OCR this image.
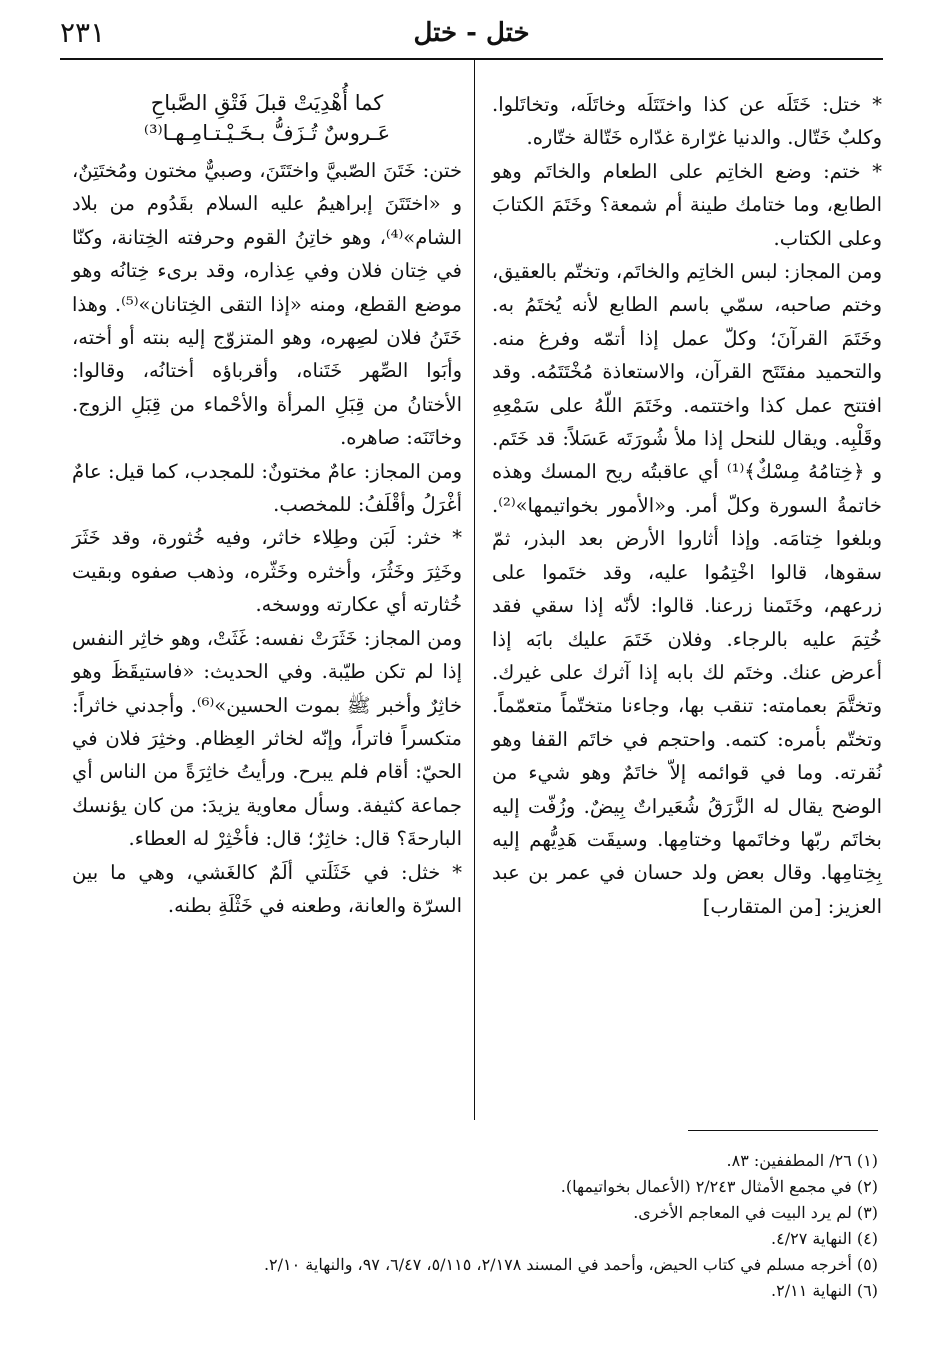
ختل - ختل
٢٣١

* ختل: خَتَلَه عن كذا واختَتَلَه وخاتَلَه، وتخاتَلوا. وكلبٌ خَتّال. والدنيا غرّارة غدّاره خَتّالة ختّاره.

* ختم: وضع الخاتِم على الطعام والخاتَم وهو الطابع، وما ختامك طينة أم شمعة؟ وخَتَمَ الكتابَ وعلى الكتاب.

ومن المجاز: لبس الخاتِم والخاتَم، وتختّم بالعقيق، وختم صاحبه، سمّي باسم الطابع لأنه يُختَمُ به. وخَتَمَ القرآنَ؛ وكلّ عمل إذا أتمّه وفرغ منه. والتحميد مفتَتَح القرآن، والاستعاذة مُخْتَتَمُه. وقد افتتح عمل كذا واختتمه. وخَتَمَ اللّهُ على سَمْعِهِ وقَلْبِه. ويقال للنحل إذا ملأ شُورَتَه عَسَلاً: قد خَتَم. و ﴿خِتامُهُ مِسْكٌ﴾⁽¹⁾ أي عاقبتُه ريح المسك وهذه خاتمةُ السورة وكلّ أمر. و«الأمور بخواتيمها»⁽²⁾. وبلغوا خِتامَه. وإذا أثاروا الأرض بعد البذر، ثمّ سقوها، قالوا اخْتِمُوا عليه، وقد ختَموا على زرعهم، وخَتَمنا زرعنا. قالوا: لأنّه إذا سقي فقد خُتِمَ عليه بالرجاء. وفلان خَتَمَ عليك بابَه إذا أعرض عنك. وختَم لك بابه إذا آثرك على غيرك. وتختَّمَ بعمامته: تنقب بها، وجاءنا متختّماً متعمّماً. وتختّم بأمره: كتمه. واحتجم في خاتَم القفا وهو نُقرته. وما في قوائمه إلاّ خاتَمٌ وهو شيء من الوضح يقال له الزَّرَقُ شُعَيراتٌ بِيضٌ. وزُفّت إليه بخاتَم ربّها وخاتَمها وختامِها. وسيقَت هَدِيُّهم إليه بِخِتامِها. وقال بعض ولد حسان في عمر بن عبد العزيز: [من المتقارب]

كما أُهْدِيَتْ قبلَ فَتْقِ الصَّباحِ
عَـروسٌ تُـزَفُّ بـخَـيْـتـامِـهـا⁽³⁾

ختن: خَتَنَ الصّبيَّ واختَتَنَ، وصبيٌّ مختون ومُختَتِنٌ، و «اختَتَنَ إبراهيمُ عليه السلام بقَدُوم من بلاد الشام»⁽⁴⁾، وهو خاتِنُ القوم وحرفته الخِتانة، وكنّا في خِتان فلان وفي عِذاره، وقد برىء خِتانُه وهو موضع القطع، ومنه «إذا التقى الخِتانان»⁽⁵⁾. وهذا خَتَنُ فلان لصِهره، وهو المتزوّج إليه بنته أو أخته، وأبَوا الصِّهر خَتَناه، وأقرباؤه أختانُه، وقالوا: الأختانُ من قِبَلِ المرأة والأحْماء من قِبَلِ الزوج. وخاتَنَه: صاهره.

ومن المجاز: عامٌ مختونٌ: للمجدب، كما قيل: عامٌ أغْرَلُ وأقْلَفُ: للمخصب.

* خثر: لَبَن وطِلاء خاثر، وفيه خُثورة، وقد خَثَرَ وخَثِرَ وخَثُرَ، وأخثره وخَثّره، وذهب صفوه وبقيت خُثارته أي عكارته ووسخه.

ومن المجاز: خَثَرَتْ نفسه: غَثَتْ، وهو خاثِر النفس إذا لم تكن طيّبة. وفي الحديث: «فاستيقَظَ وهو خاثِرٌ وأخبر ﷺ بموت الحسين»⁽⁶⁾. وأجدني خاثراً: متكسراً فاتراً، وإنّه لخاثر العِظام. وخثِرَ فلان في الحيّ: أقام فلم يبرح. ورأيتُ خاثِرَةً من الناس أي جماعة كثيفة. وسأل معاوية يزيدَ: من كان يؤنسك البارحةَ؟ قال: خاثِرٌ؛ قال: فأخْثِرْ له العطاء.

* خثل: في خَثَلَتي ألَمٌ كالغَشي، وهي ما بين السرّة والعانة، وطعنه في خَثْلَةِ بطنه.

(١) ٢٦/ المطففين: ٨٣.
(٢) في مجمع الأمثال ٢/٢٤٣ (الأعمال بخواتيمها).
(٣) لم يرد البيت في المعاجم الأخرى.
(٤) النهاية ٤/٢٧.
(٥) أخرجه مسلم في كتاب الحيض، وأحمد في المسند ٢/١٧٨، ٥/١١٥، ٦/٤٧، ٩٧، والنهاية ٢/١٠.
(٦) النهاية ٢/١١.
